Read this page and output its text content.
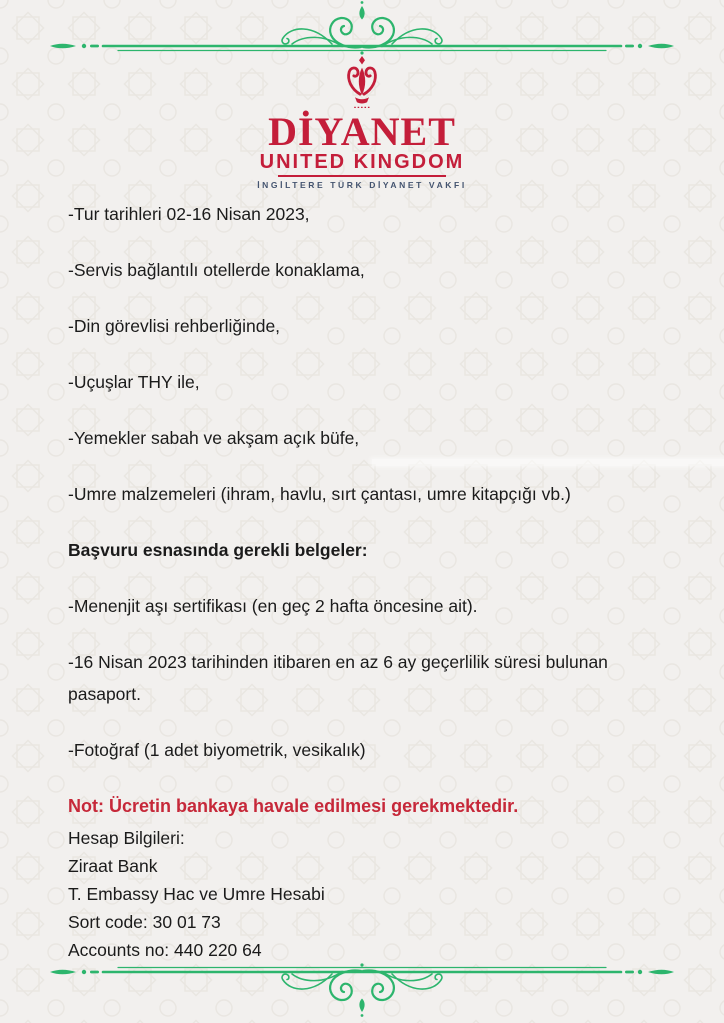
DİYANET
UNITED KINGDOM
İNGİLTERE TÜRK DİYANET VAKFI

-Tur tarihleri 02-16 Nisan 2023,

-Servis bağlantılı otellerde konaklama,

-Din görevlisi rehberliğinde,

-Uçuşlar THY ile,

-Yemekler sabah ve akşam açık büfe,

-Umre malzemeleri (ihram, havlu, sırt çantası, umre kitapçığı vb.)

Başvuru esnasında gerekli belgeler:

-Menenjit aşı sertifikası (en geç 2 hafta öncesine ait).

-16 Nisan 2023 tarihinden itibaren en az 6 ay geçerlilik süresi bulunan pasaport.

-Fotoğraf (1 adet biyometrik, vesikalık)

Not: Ücretin bankaya havale edilmesi gerekmektedir.

Hesap Bilgileri:

Ziraat Bank

T. Embassy Hac ve Umre Hesabi

Sort code: 30 01 73

Accounts no: 440 220 64
